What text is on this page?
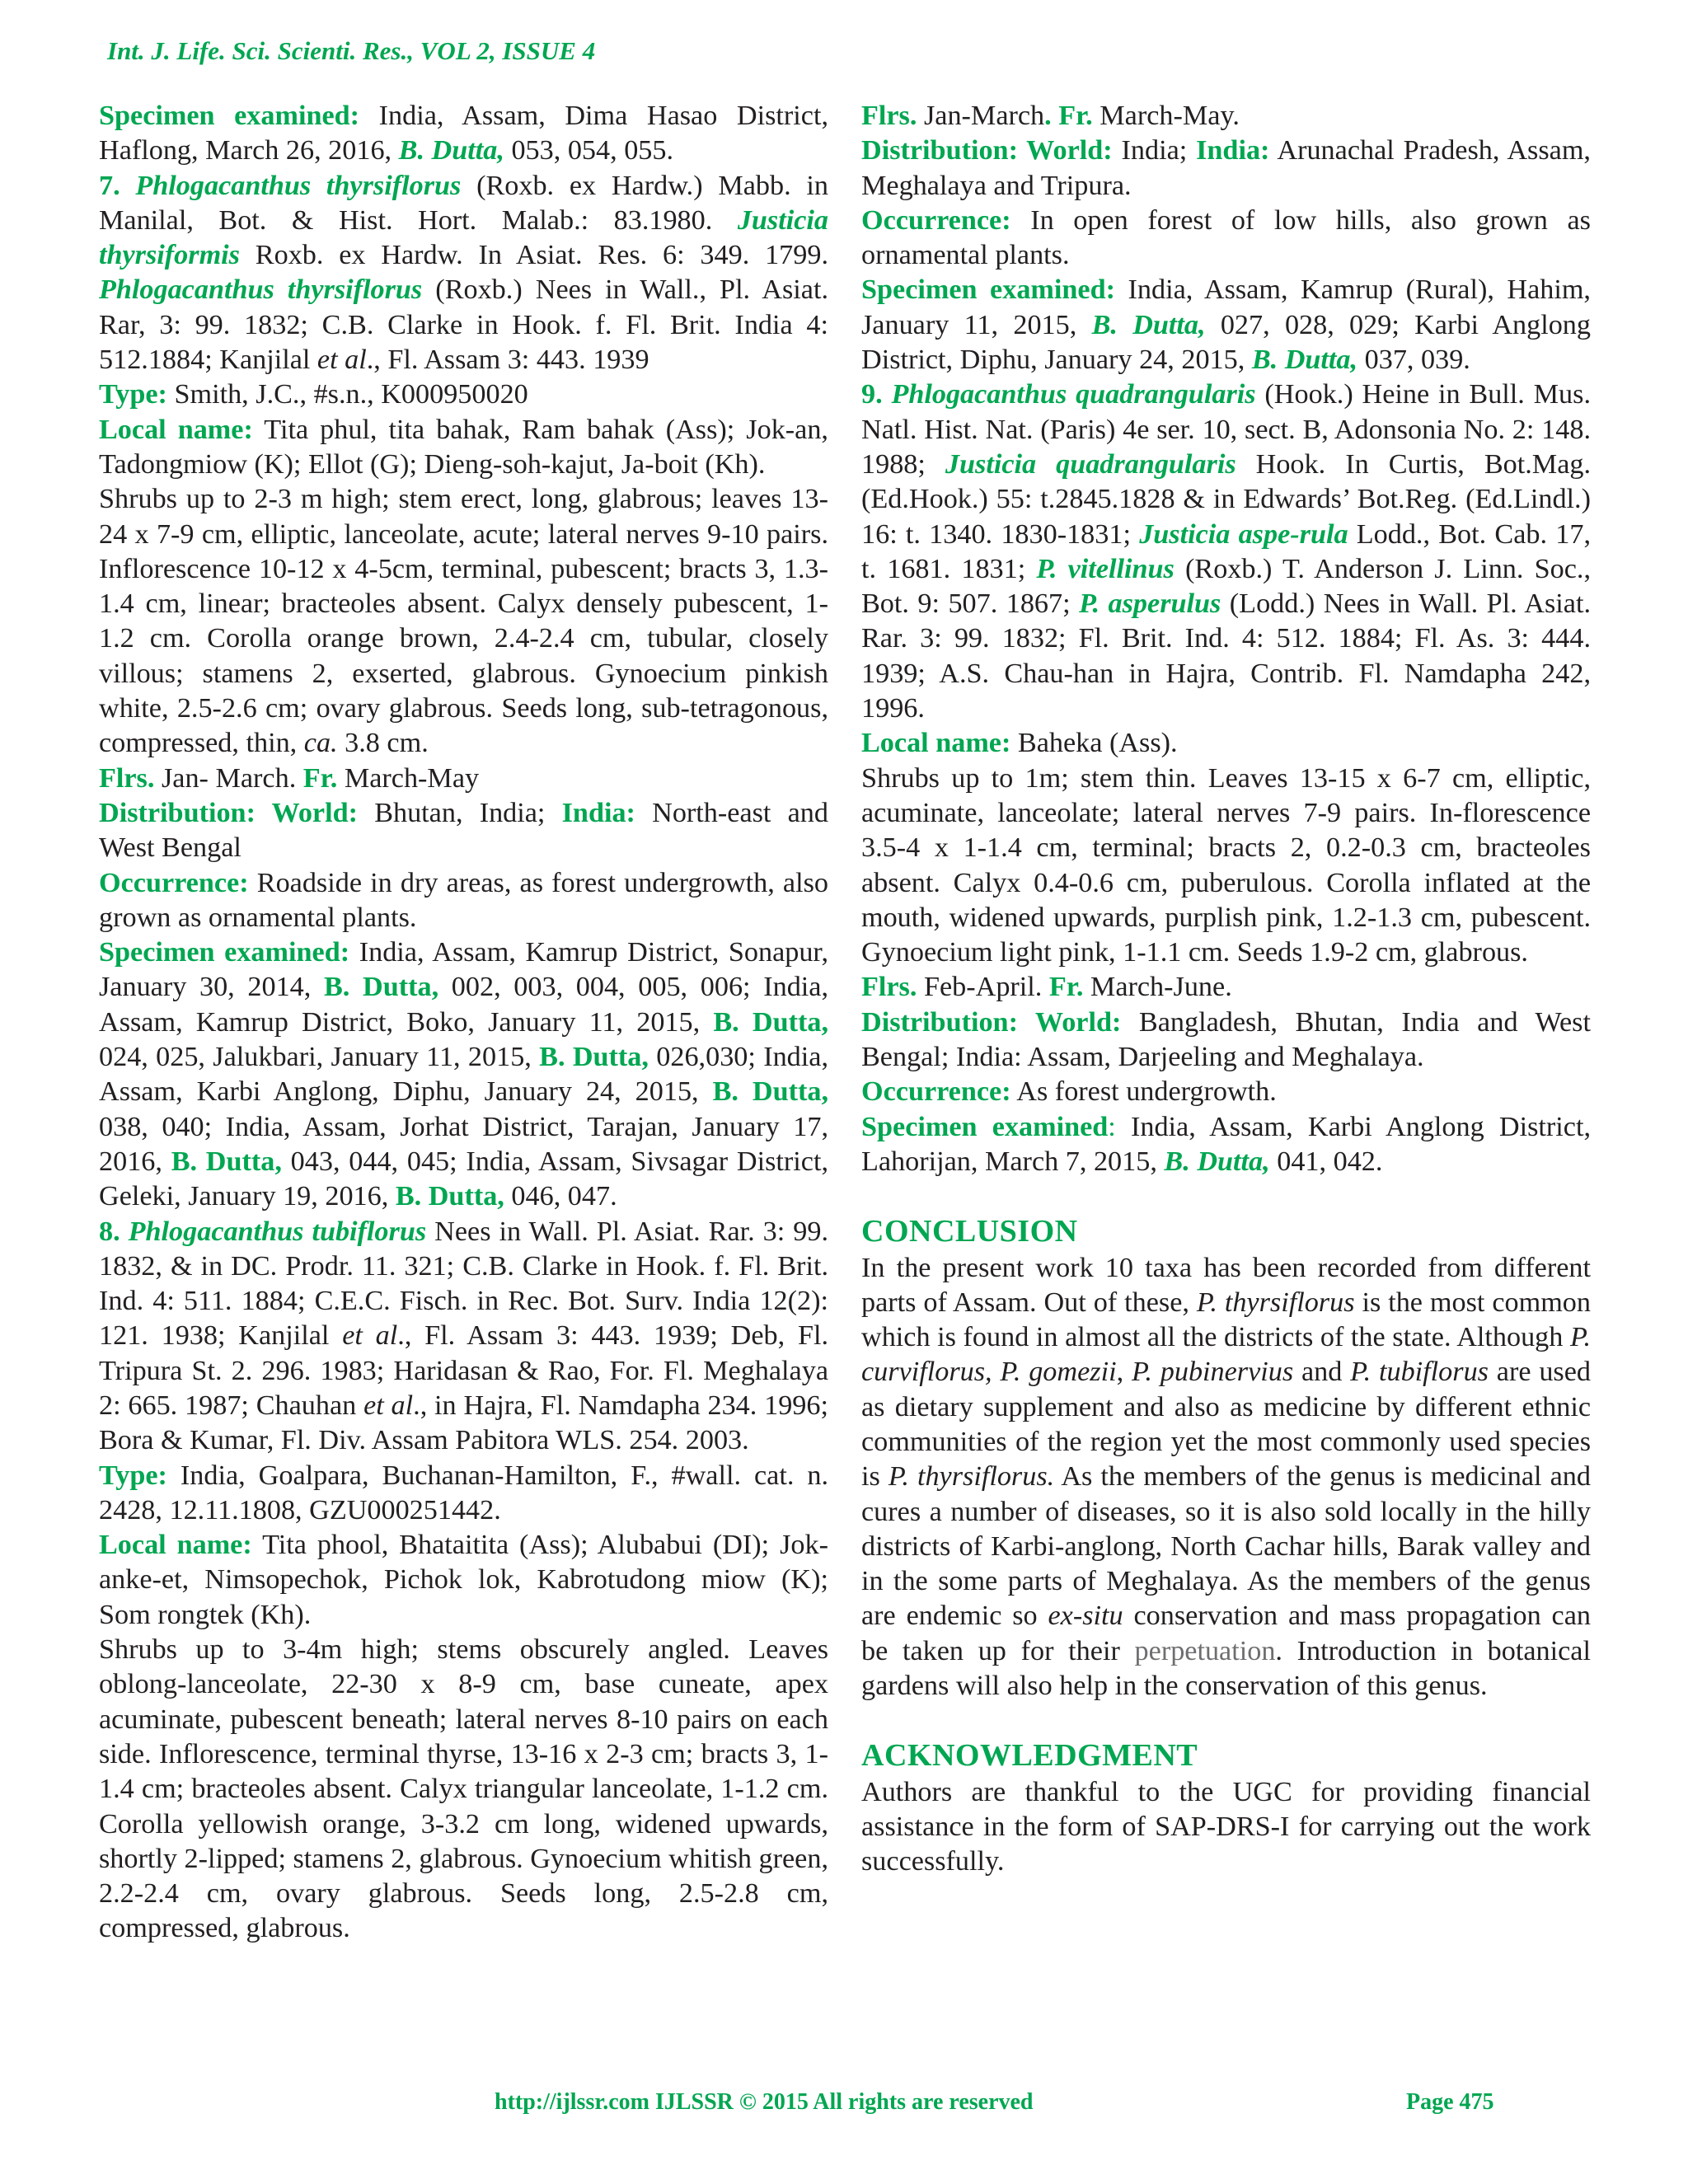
Int. J. Life. Sci. Scienti. Res., VOL 2, ISSUE 4

Specimen examined: India, Assam, Dima Hasao District, Haflong, March 26, 2016, B. Dutta, 053, 054, 055.

7. Phlogacanthus thyrsiflorus (Roxb. ex Hardw.) Mabb. in Manilal, Bot. & Hist. Hort. Malab.: 83.1980. Justicia thyrsiformis Roxb. ex Hardw. In Asiat. Res. 6: 349. 1799. Phlogacanthus thyrsiflorus (Roxb.) Nees in Wall., Pl. Asiat. Rar, 3: 99. 1832; C.B. Clarke in Hook. f. Fl. Brit. India 4: 512.1884; Kanjilal et al., Fl. Assam 3: 443. 1939

Type: Smith, J.C., #s.n., K000950020

Local name: Tita phul, tita bahak, Ram bahak (Ass); Jok-an, Tadongmiow (K); Ellot (G); Dieng-soh-kajut, Ja-boit (Kh).

Shrubs up to 2-3 m high; stem erect, long, glabrous; leaves 13-24 x 7-9 cm, elliptic, lanceolate, acute; lateral nerves 9-10 pairs. Inflorescence 10-12 x 4-5cm, terminal, pubescent; bracts 3, 1.3-1.4 cm, linear; bracteoles absent. Calyx densely pubescent, 1-1.2 cm. Corolla orange brown, 2.4-2.4 cm, tubular, closely villous; stamens 2, exserted, glabrous. Gynoecium pinkish white, 2.5-2.6 cm; ovary glabrous. Seeds long, sub-tetragonous, compressed, thin, ca. 3.8 cm.

Flrs. Jan- March. Fr. March-May

Distribution: World: Bhutan, India; India: North-east and West Bengal

Occurrence: Roadside in dry areas, as forest undergrowth, also grown as ornamental plants.

Specimen examined: India, Assam, Kamrup District, Sonapur, January 30, 2014, B. Dutta, 002, 003, 004, 005, 006; India, Assam, Kamrup District, Boko, January 11, 2015, B. Dutta, 024, 025, Jalukbari, January 11, 2015, B. Dutta, 026,030; India, Assam, Karbi Anglong, Diphu, January 24, 2015, B. Dutta, 038, 040; India, Assam, Jorhat District, Tarajan, January 17, 2016, B. Dutta, 043, 044, 045; India, Assam, Sivsagar District, Geleki, January 19, 2016, B. Dutta, 046, 047.

8. Phlogacanthus tubiflorus Nees in Wall. Pl. Asiat. Rar. 3: 99. 1832, & in DC. Prodr. 11. 321; C.B. Clarke in Hook. f. Fl. Brit. Ind. 4: 511. 1884; C.E.C. Fisch. in Rec. Bot. Surv. India 12(2): 121. 1938; Kanjilal et al., Fl. Assam 3: 443. 1939; Deb, Fl. Tripura St. 2. 296. 1983; Haridasan & Rao, For. Fl. Meghalaya 2: 665. 1987; Chauhan et al., in Hajra, Fl. Namdapha 234. 1996; Bora & Kumar, Fl. Div. Assam Pabitora WLS. 254. 2003.

Type: India, Goalpara, Buchanan-Hamilton, F., #wall. cat. n. 2428, 12.11.1808, GZU000251442.

Local name: Tita phool, Bhataitita (Ass); Alubabui (DI); Jok-anke-et, Nimsopechok, Pichok lok, Kabrotudong miow (K); Som rongtek (Kh).

Shrubs up to 3-4m high; stems obscurely angled. Leaves oblong-lanceolate, 22-30 x 8-9 cm, base cuneate, apex acuminate, pubescent beneath; lateral nerves 8-10 pairs on each side. Inflorescence, terminal thyrse, 13-16 x 2-3 cm; bracts 3, 1-1.4 cm; bracteoles absent. Calyx triangular lanceolate, 1-1.2 cm. Corolla yellowish orange, 3-3.2 cm long, widened upwards, shortly 2-lipped; stamens 2, glabrous. Gynoecium whitish green, 2.2-2.4 cm, ovary glabrous. Seeds long, 2.5-2.8 cm, compressed, glabrous.

Flrs. Jan-March. Fr. March-May.

Distribution: World: India; India: Arunachal Pradesh, Assam, Meghalaya and Tripura.

Occurrence: In open forest of low hills, also grown as ornamental plants.

Specimen examined: India, Assam, Kamrup (Rural), Hahim, January 11, 2015, B. Dutta, 027, 028, 029; Karbi Anglong District, Diphu, January 24, 2015, B. Dutta, 037, 039.

9. Phlogacanthus quadrangularis (Hook.) Heine in Bull. Mus. Natl. Hist. Nat. (Paris) 4e ser. 10, sect. B, Adonsonia No. 2: 148. 1988; Justicia quadrangularis Hook. In Curtis, Bot.Mag. (Ed.Hook.) 55: t.2845.1828 & in Edwards’ Bot.Reg. (Ed.Lindl.) 16: t. 1340. 1830-1831; Justicia aspe-rula Lodd., Bot. Cab. 17, t. 1681. 1831; P. vitellinus (Roxb.) T. Anderson J. Linn. Soc., Bot. 9: 507. 1867; P. asperulus (Lodd.) Nees in Wall. Pl. Asiat. Rar. 3: 99. 1832; Fl. Brit. Ind. 4: 512. 1884; Fl. As. 3: 444. 1939; A.S. Chau-han in Hajra, Contrib. Fl. Namdapha 242, 1996.

Local name: Baheka (Ass).

Shrubs up to 1m; stem thin. Leaves 13-15 x 6-7 cm, elliptic, acuminate, lanceolate; lateral nerves 7-9 pairs. In-florescence 3.5-4 x 1-1.4 cm, terminal; bracts 2, 0.2-0.3 cm, bracteoles absent. Calyx 0.4-0.6 cm, puberulous. Corolla inflated at the mouth, widened upwards, purplish pink, 1.2-1.3 cm, pubescent. Gynoecium light pink, 1-1.1 cm. Seeds 1.9-2 cm, glabrous.

Flrs. Feb-April. Fr. March-June.

Distribution: World: Bangladesh, Bhutan, India and West Bengal; India: Assam, Darjeeling and Meghalaya.

Occurrence: As forest undergrowth.

Specimen examined: India, Assam, Karbi Anglong District, Lahorijan, March 7, 2015, B. Dutta, 041, 042.

CONCLUSION

In the present work 10 taxa has been recorded from different parts of Assam. Out of these, P. thyrsiflorus is the most common which is found in almost all the districts of the state. Although P. curviflorus, P. gomezii, P. pubinervius and P. tubiflorus are used as dietary supplement and also as medicine by different ethnic communities of the region yet the most commonly used species is P. thyrsiflorus. As the members of the genus is medicinal and cures a number of diseases, so it is also sold locally in the hilly districts of Karbi-anglong, North Cachar hills, Barak valley and in the some parts of Meghalaya. As the members of the genus are endemic so ex-situ conservation and mass propagation can be taken up for their perpetuation. Introduction in botanical gardens will also help in the conservation of this genus.

ACKNOWLEDGMENT

Authors are thankful to the UGC for providing financial assistance in the form of SAP-DRS-I for carrying out the work successfully.

http://ijlssr.com IJLSSR © 2015 All rights are reserved	Page 475
